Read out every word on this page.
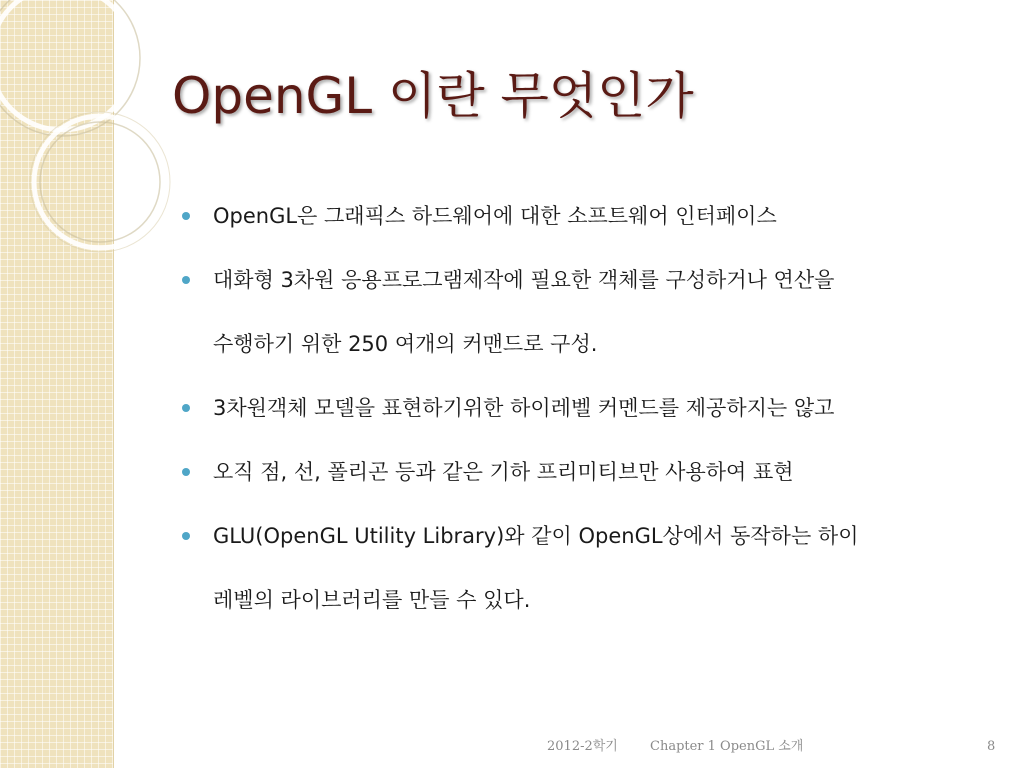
OpenGL 이란 무엇인가
OpenGL은 그래픽스 하드웨어에 대한 소프트웨어 인터페이스
대화형 3차원 응용프로그램제작에 필요한 객체를 구성하거나 연산을
수행하기 위한 250 여개의 커맨드로 구성.
3차원객체 모델을 표현하기위한 하이레벨 커멘드를 제공하지는 않고
오직 점, 선, 폴리곤 등과 같은 기하 프리미티브만 사용하여 표현
GLU(OpenGL Utility Library)와 같이 OpenGL상에서 동작하는 하이
레벨의 라이브러리를 만들 수 있다.
2012-2학기 Chapter 1 OpenGL 소개	8
